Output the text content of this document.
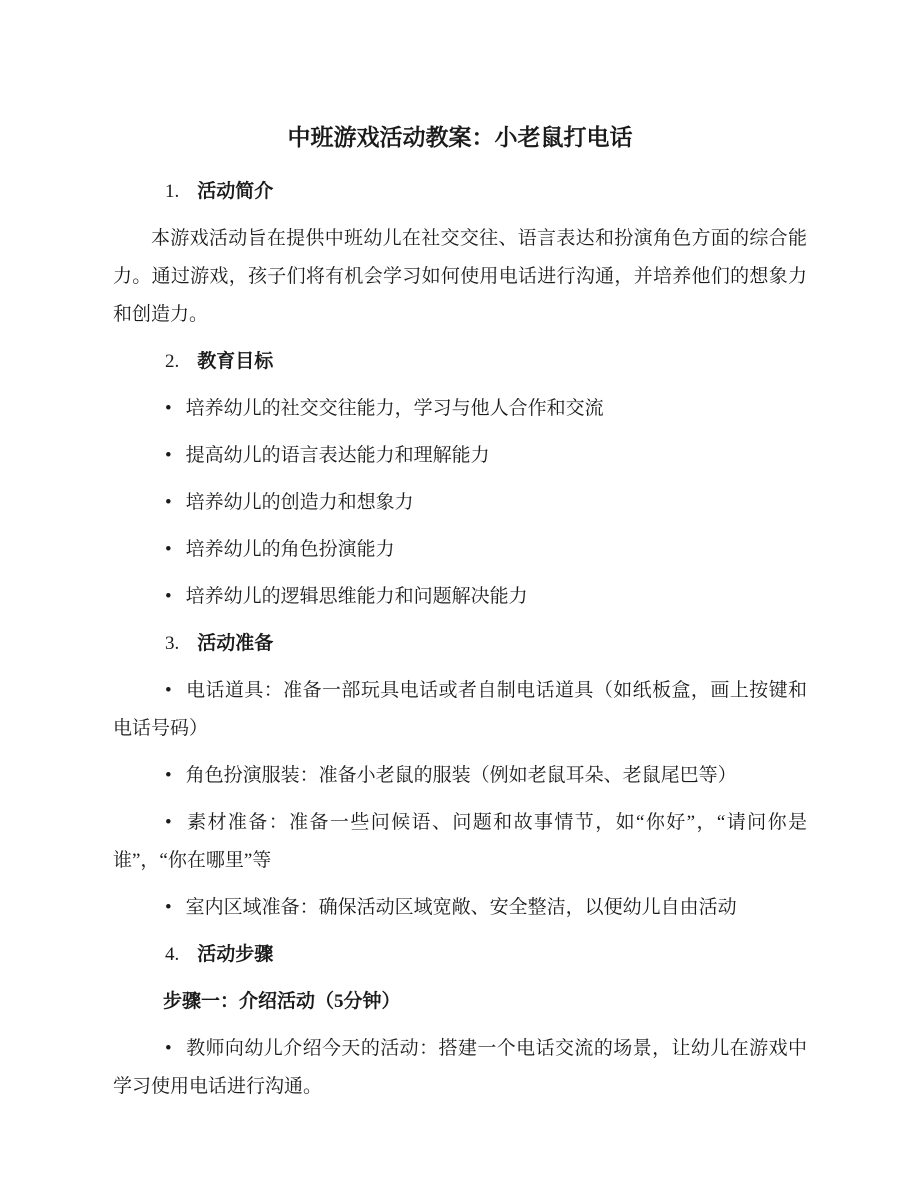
中班游戏活动教案：小老鼠打电话
1. 活动简介

本游戏活动旨在提供中班幼儿在社交交往、语言表达和扮演角色方面的综合能力。通过游戏，孩子们将有机会学习如何使用电话进行沟通，并培养他们的想象力和创造力。

2. 教育目标
• 培养幼儿的社交交往能力，学习与他人合作和交流
• 提高幼儿的语言表达能力和理解能力
• 培养幼儿的创造力和想象力
• 培养幼儿的角色扮演能力
• 培养幼儿的逻辑思维能力和问题解决能力
3. 活动准备
• 电话道具：准备一部玩具电话或者自制电话道具（如纸板盒，画上按键和电话号码）
• 角色扮演服装：准备小老鼠的服装（例如老鼠耳朵、老鼠尾巴等）
• 素材准备：准备一些问候语、问题和故事情节，如“你好”，“请问你是谁”，“你在哪里”等
• 室内区域准备：确保活动区域宽敞、安全整洁，以便幼儿自由活动
4. 活动步骤
步骤一：介绍活动（5分钟）
• 教师向幼儿介绍今天的活动：搭建一个电话交流的场景，让幼儿在游戏中学习使用电话进行沟通。
